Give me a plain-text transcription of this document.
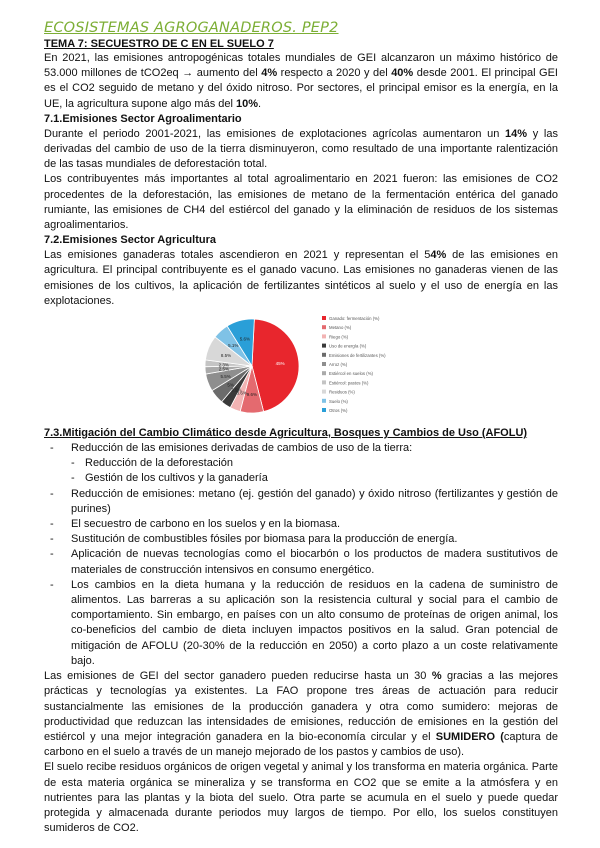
ECOSISTEMAS AGROGANADEROS. PEP2
TEMA 7: SECUESTRO DE C EN EL SUELO 7

En 2021, las emisiones antropogénicas totales mundiales de GEI alcanzaron un máximo histórico de 53.000 millones de tCO2eq → aumento del 4% respecto a 2020 y del 40% desde 2001. El principal GEI es el CO2 seguido de metano y del óxido nitroso. Por sectores, el principal emisor es la energía, en la UE, la agricultura supone algo más del 10%.

7.1.Emisiones Sector Agroalimentario

Durante el periodo 2001-2021, las emisiones de explotaciones agrícolas aumentaron un 14% y las derivadas del cambio de uso de la tierra disminuyeron, como resultado de una importante ralentización de las tasas mundiales de deforestación total.

Los contribuyentes más importantes al total agroalimentario en 2021 fueron: las emisiones de CO2 procedentes de la deforestación, las emisiones de metano de la fermentación entérica del ganado rumiante, las emisiones de CH4 del estiércol del ganado y la eliminación de residuos de los sistemas agroalimentarios.

7.2.Emisiones Sector Agricultura

Las emisiones ganaderas totales ascendieron en 2021 y representan el 54% de las emisiones en agricultura. El principal contribuyente es el ganado vacuno. Las emisiones no ganaderas vienen de las emisiones de los cultivos, la aplicación de fertilizantes sintéticos al suelo y el uso de energía en las explotaciones.

45%
9.6%
3.6%
3.5%
5%
5.5%
2.5%
2.3%
8.5%
5.1%
5.6%
Ganado: fermentación (%)
Metano (%)
Riego (%)
Uso de energía (%)
Emisiones de fertilizantes (%)
Arroz (%)
Estiércol en suelos (%)
Estiércol: pastos (%)
Residuos (%)
Suelo (%)
Otros (%)
7.3.Mitigación del Cambio Climático desde Agricultura, Bosques y Cambios de Uso (AFOLU)
- Reducción de las emisiones derivadas de cambios de uso de la tierra:
- Reducción de la deforestación
- Gestión de los cultivos y la ganadería
- Reducción de emisiones: metano (ej. gestión del ganado) y óxido nitroso (fertilizantes y gestión de purines)
- El secuestro de carbono en los suelos y en la biomasa.
- Sustitución de combustibles fósiles por biomasa para la producción de energía.
- Aplicación de nuevas tecnologías como el biocarbón o los productos de madera sustitutivos de materiales de construcción intensivos en consumo energético.
- Los cambios en la dieta humana y la reducción de residuos en la cadena de suministro de alimentos. Las barreras a su aplicación son la resistencia cultural y social para el cambio de comportamiento. Sin embargo, en países con un alto consumo de proteínas de origen animal, los co-beneficios del cambio de dieta incluyen impactos positivos en la salud. Gran potencial de mitigación de AFOLU (20-30% de la reducción en 2050) a corto plazo a un coste relativamente bajo.

Las emisiones de GEI del sector ganadero pueden reducirse hasta un 30 % gracias a las mejores prácticas y tecnologías ya existentes. La FAO propone tres áreas de actuación para reducir sustancialmente las emisiones de la producción ganadera y otra como sumidero: mejoras de productividad que reduzcan las intensidades de emisiones, reducción de emisiones en la gestión del estiércol y una mejor integración ganadera en la bio-economía circular y el SUMIDERO (captura de carbono en el suelo a través de un manejo mejorado de los pastos y cambios de uso).

El suelo recibe residuos orgánicos de origen vegetal y animal y los transforma en materia orgánica. Parte de esta materia orgánica se mineraliza y se transforma en CO2 que se emite a la atmósfera y en nutrientes para las plantas y la biota del suelo. Otra parte se acumula en el suelo y puede quedar protegida y almacenada durante periodos muy largos de tiempo. Por ello, los suelos constituyen sumideros de CO2.
